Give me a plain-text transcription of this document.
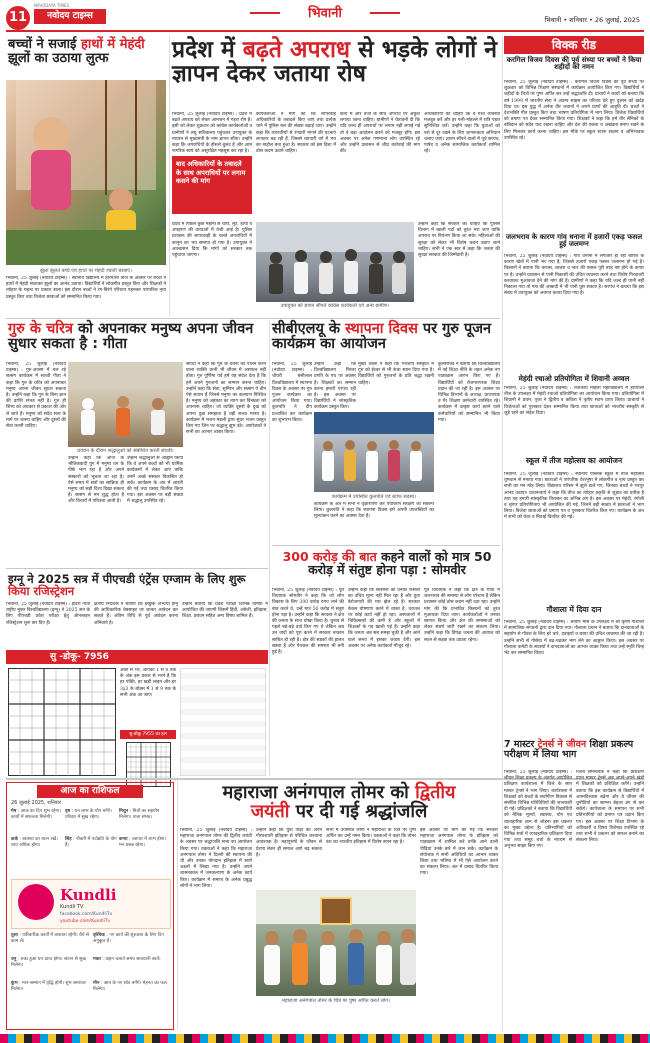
11	नवोदय टाइम्स
NAVODAYA TIMES
भिवानी	भिवानी • शनिवार • 26 जुलाई, 2025
बच्चों ने सजाई हाथों में मेहंदी झूलों का उठाया लुत्फ
झूला झूलते बच्चे एवं हाथों पर मेहंदी रचाती छात्राएं।
भिवानी, 25 जुलाई (नवोदय टाइम्स) : स्थानीय विद्यालय में हरियाली तीज के अवसर पर बच्चों ने हाथों में मेहंदी सजाकर झूलों का आनंद उठाया। विद्यार्थियों ने लोकगीत प्रस्तुत किए और शिक्षकों ने त्योहार के महत्व पर प्रकाश डाला। इस दौरान बच्चों ने रंग-बिरंगे परिधान पहनकर पारंपरिक नृत्य प्रस्तुत किए तथा विजेता छात्राओं को सम्मानित किया गया।
प्रदेश में बढ़ते अपराध से भड़के लोगों ने ज्ञापन देकर जताया रोष
भिवानी, 25 जुलाई (नवोदय टाइम्स) : प्रदेश में बढ़ते अपराध को लेकर आमजन में गहरा रोष है। इसी को लेकर शुक्रवार को कांग्रेस कार्यकर्ताओं व ग्रामीणों ने लघु सचिवालय पहुंचकर उपायुक्त के माध्यम से मुख्यमंत्री के नाम ज्ञापन सौंपा। उन्होंने कहा कि अपराधियों के हौसले बुलंद हैं और आम नागरिक स्वयं को असुरक्षित महसूस कर रहा है।
कार्यकर्ताओं ने मांग की कि लापरवाह अधिकारियों के तबादले किए जाएं तथा प्रत्येक थाने में पुलिस बल की संख्या बढ़ाई जाए। उन्होंने कहा कि व्यापारियों से रंगदारी मांगने की घटनाएं लगातार बढ़ रही हैं, जिससे व्यापारी वर्ग में भय का माहौल बना हुआ है। सरकार को इस दिशा में ठोस कदम उठाने चाहिए।
कार्य में और तेजी के साथ अपराध पर अंकुश लगाया जाना चाहिए। ग्रामीणों ने चेतावनी दी कि यदि जल्द ही अपराधों पर लगाम नहीं लगाई गई तो वे बड़ा आंदोलन करने को मजबूर होंगे। इस अवसर पर अनेक गणमान्य लोग उपस्थित रहे और उन्होंने प्रशासन से शीघ्र कार्रवाई की मांग की।
अधिकारियों को चाहिए कि वे गश्त व्यवस्था मजबूत करें और हर गली-मोहल्ले में रात्रि पहरा सुनिश्चित करें। उन्होंने कहा कि युवाओं को नशे से दूर रखने के लिए जागरूकता अभियान चलाए जाएं। ज्ञापन सौंपने वालों में पूर्व सरपंच, पार्षद व अनेक सामाजिक कार्यकर्ता शामिल रहे।
बाद अधिकारियों के तबादले के साथ अपराधियों पर लगाम कसने की मांग
प्रदेश में पिछले कुछ महीनों से चोरी, लूट, हत्या व अपहरण की वारदातों में तेजी आई है। पुलिस प्रशासन की लापरवाही के चलते अपराधियों में कानून का भय समाप्त हो गया है। उपायुक्त ने आश्वासन दिया कि मांगों को सरकार तक पहुंचाया जाएगा।
उपायुक्त को ज्ञापन सौंपते कांग्रेस कार्यकर्ता एवं अन्य ग्रामीण।
उन्होंने कहा कि सरकार को चाहिए कि पुलिस विभाग में खाली पदों को तुरंत भरा जाए ताकि अपराध पर नियंत्रण किया जा सके। महिलाओं की सुरक्षा को लेकर भी विशेष कदम उठाए जाने चाहिए। सभी ने एक स्वर में कहा कि जनता की सुरक्षा सरकार की जिम्मेदारी है।
विक्क रीड
करगिल विजय दिवस की पूर्व संध्या पर बच्चों ने किया शहीदों को नमन
भिवानी, 25 जुलाई (नवोदय टाइम्स) : करगिल विजय दिवस की पूर्व संध्या पर शुक्रवार को विभिन्न शिक्षण संस्थानों में कार्यक्रम आयोजित किए गए। विद्यार्थियों ने शहीदों के चित्रों पर पुष्प अर्पित कर उन्हें श्रद्धांजलि दी। प्राचार्य ने बच्चों को बताया कि वर्ष 1999 में भारतीय सेना ने अदम्य साहस का परिचय देते हुए दुश्मन को खदेड़ दिया था। इस युद्ध में अनेक वीर जवानों ने अपने प्राणों की आहुति दी। बच्चों ने देशभक्ति गीत प्रस्तुत किए तथा भाषण प्रतियोगिता में भाग लिया। विजेता विद्यार्थियों को प्रमाण पत्र देकर सम्मानित किया गया। शिक्षकों ने कहा कि हमें वीर सैनिकों के बलिदान को सदैव याद रखना चाहिए और देश की एकता व अखंडता बनाए रखने के लिए मिलकर कार्य करना चाहिए। इस मौके पर स्कूल स्टाफ सदस्य व अभिभावक उपस्थित रहे।
जलभराव के कारण गांव धनाना में हजारों एकड़ फसल हुई जलमग्न
भिवानी, 25 जुलाई (नवोदय टाइम्स) : गांव धनाना में लगातार हो रही बारिश के कारण खेतों में पानी भर गया है, जिससे हजारों एकड़ फसल जलमग्न हो गई है। किसानों ने बताया कि कपास, बाजरा व ग्वार की फसल पूरी तरह नष्ट होने के कगार पर है। उन्होंने प्रशासन से पानी निकासी की उचित व्यवस्था करने तथा विशेष गिरदावरी करवाकर मुआवजा देने की मांग की है। ग्रामीणों ने कहा कि यदि जल्द ही पानी नहीं निकाला गया तो गांव की आबादी में भी पानी घुस सकता है। सरपंच ने बताया कि इस संबंध में उपायुक्त को अवगत करवा दिया गया है।
मेहंदी रचाओ प्रतियोगिता में शिवानी अव्वल
भिवानी, 25 जुलाई (नवोदय टाइम्स) : राजकीय महिला महाविद्यालय में हरियाली तीज के उपलक्ष्य में मेहंदी रचाओ प्रतियोगिता का आयोजन किया गया। प्रतियोगिता में शिवानी ने प्रथम, पूजा ने द्वितीय व कविता ने तृतीय स्थान प्राप्त किया। प्राचार्या ने विजेताओं को पुरस्कार देकर सम्मानित किया तथा छात्राओं को भारतीय संस्कृति से जुड़े रहने का संदेश दिया।
स्कूल में तीज महोत्सव का आयोजन
भिवानी, 25 जुलाई (नवोदय टाइम्स) : स्थानीय पब्लिक स्कूल में तीज महोत्सव धूमधाम से मनाया गया। छात्राओं ने पारंपरिक वेशभूषा में लोकगीत व नृत्य प्रस्तुत कर सभी का मन मोह लिया। विद्यालय परिसर में झूले डाले गए, जिनका बच्चों ने भरपूर आनंद उठाया। प्रधानाचार्य ने कहा कि तीज का त्योहार प्रकृति से जुड़ाव का प्रतीक है तथा यह हमारी सांस्कृतिक विरासत का अभिन्न अंग है। इस अवसर पर मेहंदी, रंगोली व श्रृंगार प्रतियोगिताएं भी आयोजित की गईं, जिनमें बड़ी संख्या में छात्राओं ने भाग लिया। विजेता छात्राओं को प्रमाण पत्र व पुरस्कार वितरित किए गए। कार्यक्रम के अंत में सभी को घेवर व मिठाई वितरित की गई।
गौशाला में दिया दान
भिवानी, 25 जुलाई (नवोदय टाइम्स) : श्रावण मास के उपलक्ष्य में श्री कृष्ण गौशाला में सामाजिक संगठनों द्वारा दान दिया गया। गौशाला प्रधान ने बताया कि दानदाताओं के सहयोग से गौवंश के लिए हरे चारे, दवाइयों व छाया की उचित व्यवस्था की जा रही है। उन्होंने सभी से गौसेवा में बढ़-चढ़कर भाग लेने का आह्वान किया। इस अवसर पर गौशाला कमेटी के सदस्यों ने दानदाताओं का आभार व्यक्त किया तथा उन्हें स्मृति चिन्ह भेंट कर सम्मानित किया।
गुरु के चरित्र को अपनाकर मनुष्य अपना जीवन सुधार सकता है : गीता
भिवानी, 25 जुलाई (नवोदय टाइम्स) : गुरु-आश्रम में चल रहे सत्संग कार्यक्रम में साध्वी गीता ने कहा कि गुरु के चरित्र को अपनाकर मनुष्य अपना जीवन सुधार सकता है। उन्होंने कहा कि गुरु के बिना ज्ञान की प्राप्ति संभव नहीं है। गुरु ही शिष्य को अंधकार से प्रकाश की ओर ले जाते हैं। मनुष्य को सदैव सत्य के मार्ग पर चलना चाहिए और दूसरों की सेवा करनी चाहिए।
प्रवचन के दौरान श्रद्धालुओं को संबोधित करती साध्वी।
उन्होंने कहा कि आज के भौतिकवादी युग में मनुष्य धन के पीछे भाग रहा है और अपने संस्कारों को भूलता जा रहा है। ऐसे समय में संतों का सान्निध्य ही मनुष्य को सही दिशा दिखा सकता है। सत्संग से मन शुद्ध होता है और विचारों में पवित्रता आती है।
उन्होंने श्रद्धालुओं से आह्वान किया कि वे अपने बच्चों को भी धार्मिक कार्यक्रमों में लेकर आएं ताकि उनमें अच्छे संस्कार विकसित हो सकें। कार्यक्रम के अंत में आरती की गई तथा प्रसाद वितरित किया गया। इस अवसर पर बड़ी संख्या में श्रद्धालु उपस्थित रहे।
साध्वी ने कहा कि गुरु के वचनों का पालन करने वाला व्यक्ति कभी भी जीवन में असफल नहीं होता। गुरु पूर्णिमा पर्व हमें यह संदेश देता है कि हमें अपने गुरुजनों का सम्मान करना चाहिए। उन्होंने कहा कि सेवा, सुमिरन और सत्संग ये तीन ऐसे साधन हैं जिनसे मनुष्य का कल्याण निश्चित है। मनुष्य को अहंकार का त्याग कर विनम्रता को अपनाना चाहिए। जो व्यक्ति दूसरों के दुख को अपना दुख समझता है वही सच्चा मानव है। कार्यक्रम में भजन मंडली द्वारा सुंदर भजन प्रस्तुत किए गए जिन पर श्रद्धालु झूम उठे। आयोजकों ने सभी का आभार व्यक्त किया।
सीबीएलयू के स्थापना दिवस पर गुरु पूजन कार्यक्रम का आयोजन
भिवानी, 25 जुलाई (नवोदय टाइम्स) : चौधरी बंसीलाल विश्वविद्यालय में स्थापना दिवस के अवसर पर गुरु पूजन कार्यक्रम का आयोजन किया गया। कुलपति ने दीप प्रज्वलित कर कार्यक्रम का शुभारंभ किया।
उन्होंने कहा कि विश्वविद्यालय निरंतर प्रगति के पथ पर अग्रसर है। शिक्षकों का सम्मान करना हमारी परंपरा रही है। इस अवसर पर विद्यार्थियों ने सांस्कृतिक कार्यक्रम प्रस्तुत किए।
कार्यक्रम में उपस्थित कुलपति एवं स्टाफ सदस्य।
मुख्य वक्ता ने कहा कि भारतीय संस्कृति में गुरु को ईश्वर से भी ऊंचा स्थान दिया गया है। विद्यार्थियों को गुरुजनों के प्रति श्रद्धा रखनी चाहिए।
कुलसचिव ने बताया कि विश्वविद्यालय में नई शिक्षा नीति के तहत अनेक नए पाठ्यक्रम आरंभ किए गए हैं। विद्यार्थियों को रोजगारपरक शिक्षा प्रदान की जा रही है। इस अवसर पर विभिन्न विभागों के अध्यक्ष, प्राध्यापक व गैर शिक्षण कर्मचारी उपस्थित रहे। कार्यक्रम में उत्कृष्ट कार्य करने वाले कर्मचारियों को सम्मानित भी किया गया।
कार्यक्रम के अंत में सभी ने वृक्षारोपण कर पर्यावरण संरक्षण का संकल्प लिया। कुलपति ने कहा कि स्थापना दिवस हमें अपनी उपलब्धियों का मूल्यांकन करने का अवसर देता है।
इग्नू ने 2025 सत्र में पीएचडी एंट्रेंस एग्जाम के लिए शुरू किया रजिस्ट्रेशन
भिवानी, 25 जुलाई (नवोदय टाइम्स) : इंदिरा गांधी राष्ट्रीय मुक्त विश्वविद्यालय (इग्नू) ने 2025 सत्र के लिए पीएचडी प्रवेश परीक्षा हेतु ऑनलाइन रजिस्ट्रेशन शुरू कर दिए हैं।
क्षेत्रीय निदेशक ने बताया कि इच्छुक अभ्यर्थी इग्नू की आधिकारिक वेबसाइट पर जाकर आवेदन कर सकते हैं। अंतिम तिथि से पूर्व आवेदन करना अनिवार्य है।
उन्होंने बताया कि प्रवेश परीक्षा विभिन्न विषयों में आयोजित की जाएगी जिसमें हिंदी, अंग्रेजी, इतिहास, शिक्षा, प्रबंधन सहित अन्य विषय शामिल हैं।
सु -डोकू- 7956
अंको से भरें, आपको 1 से 9 तक के अंक इस प्रकार से भरने हैं कि हर पंक्ति, हर खड़ी लाइन और हर 3x3 के बॉक्स में 1 से 9 तक के सभी अंक आ जाएं।
सु-डोकू 7955 का हल
300 करोड़ की बात कहने वालों को मात्र 50 करोड़ में संतुष्ट होना पड़ा : सोमवीर
भिवानी, 25 जुलाई (नवोदय टाइम्स) : पूर्व विधायक सोमवीर ने कहा कि जो लोग विकास के लिए 300 करोड़ रुपए लाने की बात करते थे, उन्हें मात्र 50 करोड़ में संतुष्ट होना पड़ा है। उन्होंने कहा कि सरकार ने क्षेत्र की जनता के साथ धोखा किया है। चुनाव से पहले बड़े-बड़े वादे किए गए थे लेकिन अब उन वादों को पूरा करने में सरकार नाकाम साबित हो रही है। क्षेत्र की सड़कों की हालत खस्ता है और पेयजल की समस्या भी बनी हुई है।
उन्होंने कहा कि किसानों को उनकी फसलों का उचित मूल्य नहीं मिल रहा है और युवा बेरोजगारी की मार झेल रहे हैं। सरकार केवल घोषणाएं करने में व्यस्त है, धरातल पर कोई कार्य नहीं हो रहा। अस्पतालों में चिकित्सकों की कमी है और स्कूलों में शिक्षकों के पद खाली पड़े हैं। उन्होंने कहा कि जनता अब सब समझ चुकी है और आने वाले समय में इसका जवाब देगी। इस अवसर पर अनेक कार्यकर्ता मौजूद रहे।
पूर्व विधायक ने कहा कि क्षेत्र के गांवों में जलभराव की समस्या से लोग परेशान हैं लेकिन प्रशासन कोई ठोस कदम नहीं उठा रहा। उन्होंने मांग की कि प्रभावित किसानों को तुरंत मुआवजा दिया जाए। कार्यकर्ताओं ने उनका स्वागत किया और क्षेत्र की समस्याओं को लेकर संघर्ष जारी रखने का संकल्प लिया। उन्होंने कहा कि विपक्ष जनता की आवाज को सदन से सड़क तक उठाता रहेगा।
आज का राशिफल
26 जुलाई 2025, शनिवार
मेष : आज का दिन शुभ रहेगा। कार्यों में सफलता मिलेगी।
वृष : धन लाभ के योग बनेंगे। परिवार में सुख रहेगा।
मिथुन : मित्रों का सहयोग मिलेगा। यात्रा संभव।
कर्क : स्वास्थ्य का ध्यान रखें। व्यय अधिक होगा।
सिंह : नौकरी में पदोन्नति के योग हैं।
कन्या : व्यापार में लाभ होगा। मन प्रसन्न रहेगा।
Kundli
Kundli TV
facebook.com/KundliTv
youtube.com/KundliTv
तुला : पारिवारिक कार्यों में व्यस्तता रहेगी। धैर्य से काम लें।
वृश्चिक : नए कार्य की शुरुआत के लिए दिन अनुकूल है।
धनु : रुका हुआ धन प्राप्त होगा। संतान से सुख मिलेगा।
मकर : वाहन चलाते समय सावधानी बरतें।
कुंभ : मान-सम्मान में वृद्धि होगी। शुभ समाचार मिलेगा।
मीन : आय के नए स्रोत बनेंगे। मेहनत का फल मिलेगा।
महाराजा अनंगपाल तोमर को द्वितीय
जयंती पर दी गई श्रद्धांजलि
भिवानी, 25 जुलाई (नवोदय टाइम्स) : महाराजा अनंगपाल तोमर की द्वितीय जयंती के अवसर पर श्रद्धांजलि सभा का आयोजन किया गया। वक्ताओं ने कहा कि महाराजा अनंगपाल तोमर ने दिल्ली की स्थापना की थी और उनका योगदान इतिहास में स्वर्ण अक्षरों में लिखा गया है। उन्होंने अपने शासनकाल में जनकल्याण के अनेक कार्य किए। कार्यक्रम में समाज के अनेक प्रबुद्ध लोगों ने भाग लिया।
उन्होंने कहा कि युवा पीढ़ी को अपने गौरवशाली इतिहास से परिचित करवाना आवश्यक है। महापुरुषों के जीवन से प्रेरणा लेकर ही समाज आगे बढ़ सकता है।
महाराजा अनंगपाल तोमर के चित्र पर पुष्प अर्पित करते लोग।
सभा में उपस्थित लोगों ने महाराजा के चित्र पर पुष्प अर्पित कर उन्हें नमन किया। वक्ताओं ने कहा कि तोमर वंश का भारतीय इतिहास में विशेष स्थान रहा है।
इस अवसर पर मांग की गई कि सरकार महाराजा अनंगपाल तोमर के इतिहास को पाठ्यक्रम में शामिल करे ताकि आने वाली पीढ़ियां उनके बारे में जान सकें। कार्यक्रम के संयोजक ने सभी अतिथियों का आभार व्यक्त किया तथा भविष्य में भी ऐसे आयोजन करने का संकल्प लिया। अंत में प्रसाद वितरित किया गया।
7 मास्टर ट्रेनर्स ने जीवन शिक्षा प्रकल्प परीक्षण में लिया भाग
भिवानी, 25 जुलाई (नवोदय टाइम्स) : जीवन शिक्षा प्रकल्प के अंतर्गत आयोजित प्रशिक्षण कार्यशाला में जिले के सात मास्टर ट्रेनर्स ने भाग लिया। कार्यशाला में शिक्षकों को बच्चों के सर्वांगीण विकास से संबंधित विभिन्न गतिविधियों की जानकारी दी गई। प्रशिक्षकों ने बताया कि विद्यार्थियों को नैतिक मूल्यों, स्वास्थ्य, योग एवं व्यावहारिक ज्ञान से जोड़ना इस प्रकल्प का मुख्य उद्देश्य है। प्रतिभागियों को विभिन्न सत्रों में व्यावहारिक प्रशिक्षण दिया गया तथा समूह चर्चा के माध्यम से अनुभव साझा किए गए।
जिला समन्वयक ने कहा कि प्रशिक्षण प्राप्त मास्टर ट्रेनर्स अब अपने-अपने खंडों में शिक्षकों को प्रशिक्षित करेंगे। उन्होंने बताया कि इस कार्यक्रम से विद्यार्थियों में आत्मविश्वास बढ़ेगा और वे जीवन की चुनौतियों का सामना बेहतर ढंग से कर सकेंगे। कार्यशाला के समापन पर सभी प्रतिभागियों को प्रमाण पत्र प्रदान किए गए। इस अवसर पर शिक्षा विभाग के अधिकारी व विषय विशेषज्ञ उपस्थित रहे तथा सभी ने प्रकल्प को सफल बनाने का संकल्प लिया।
